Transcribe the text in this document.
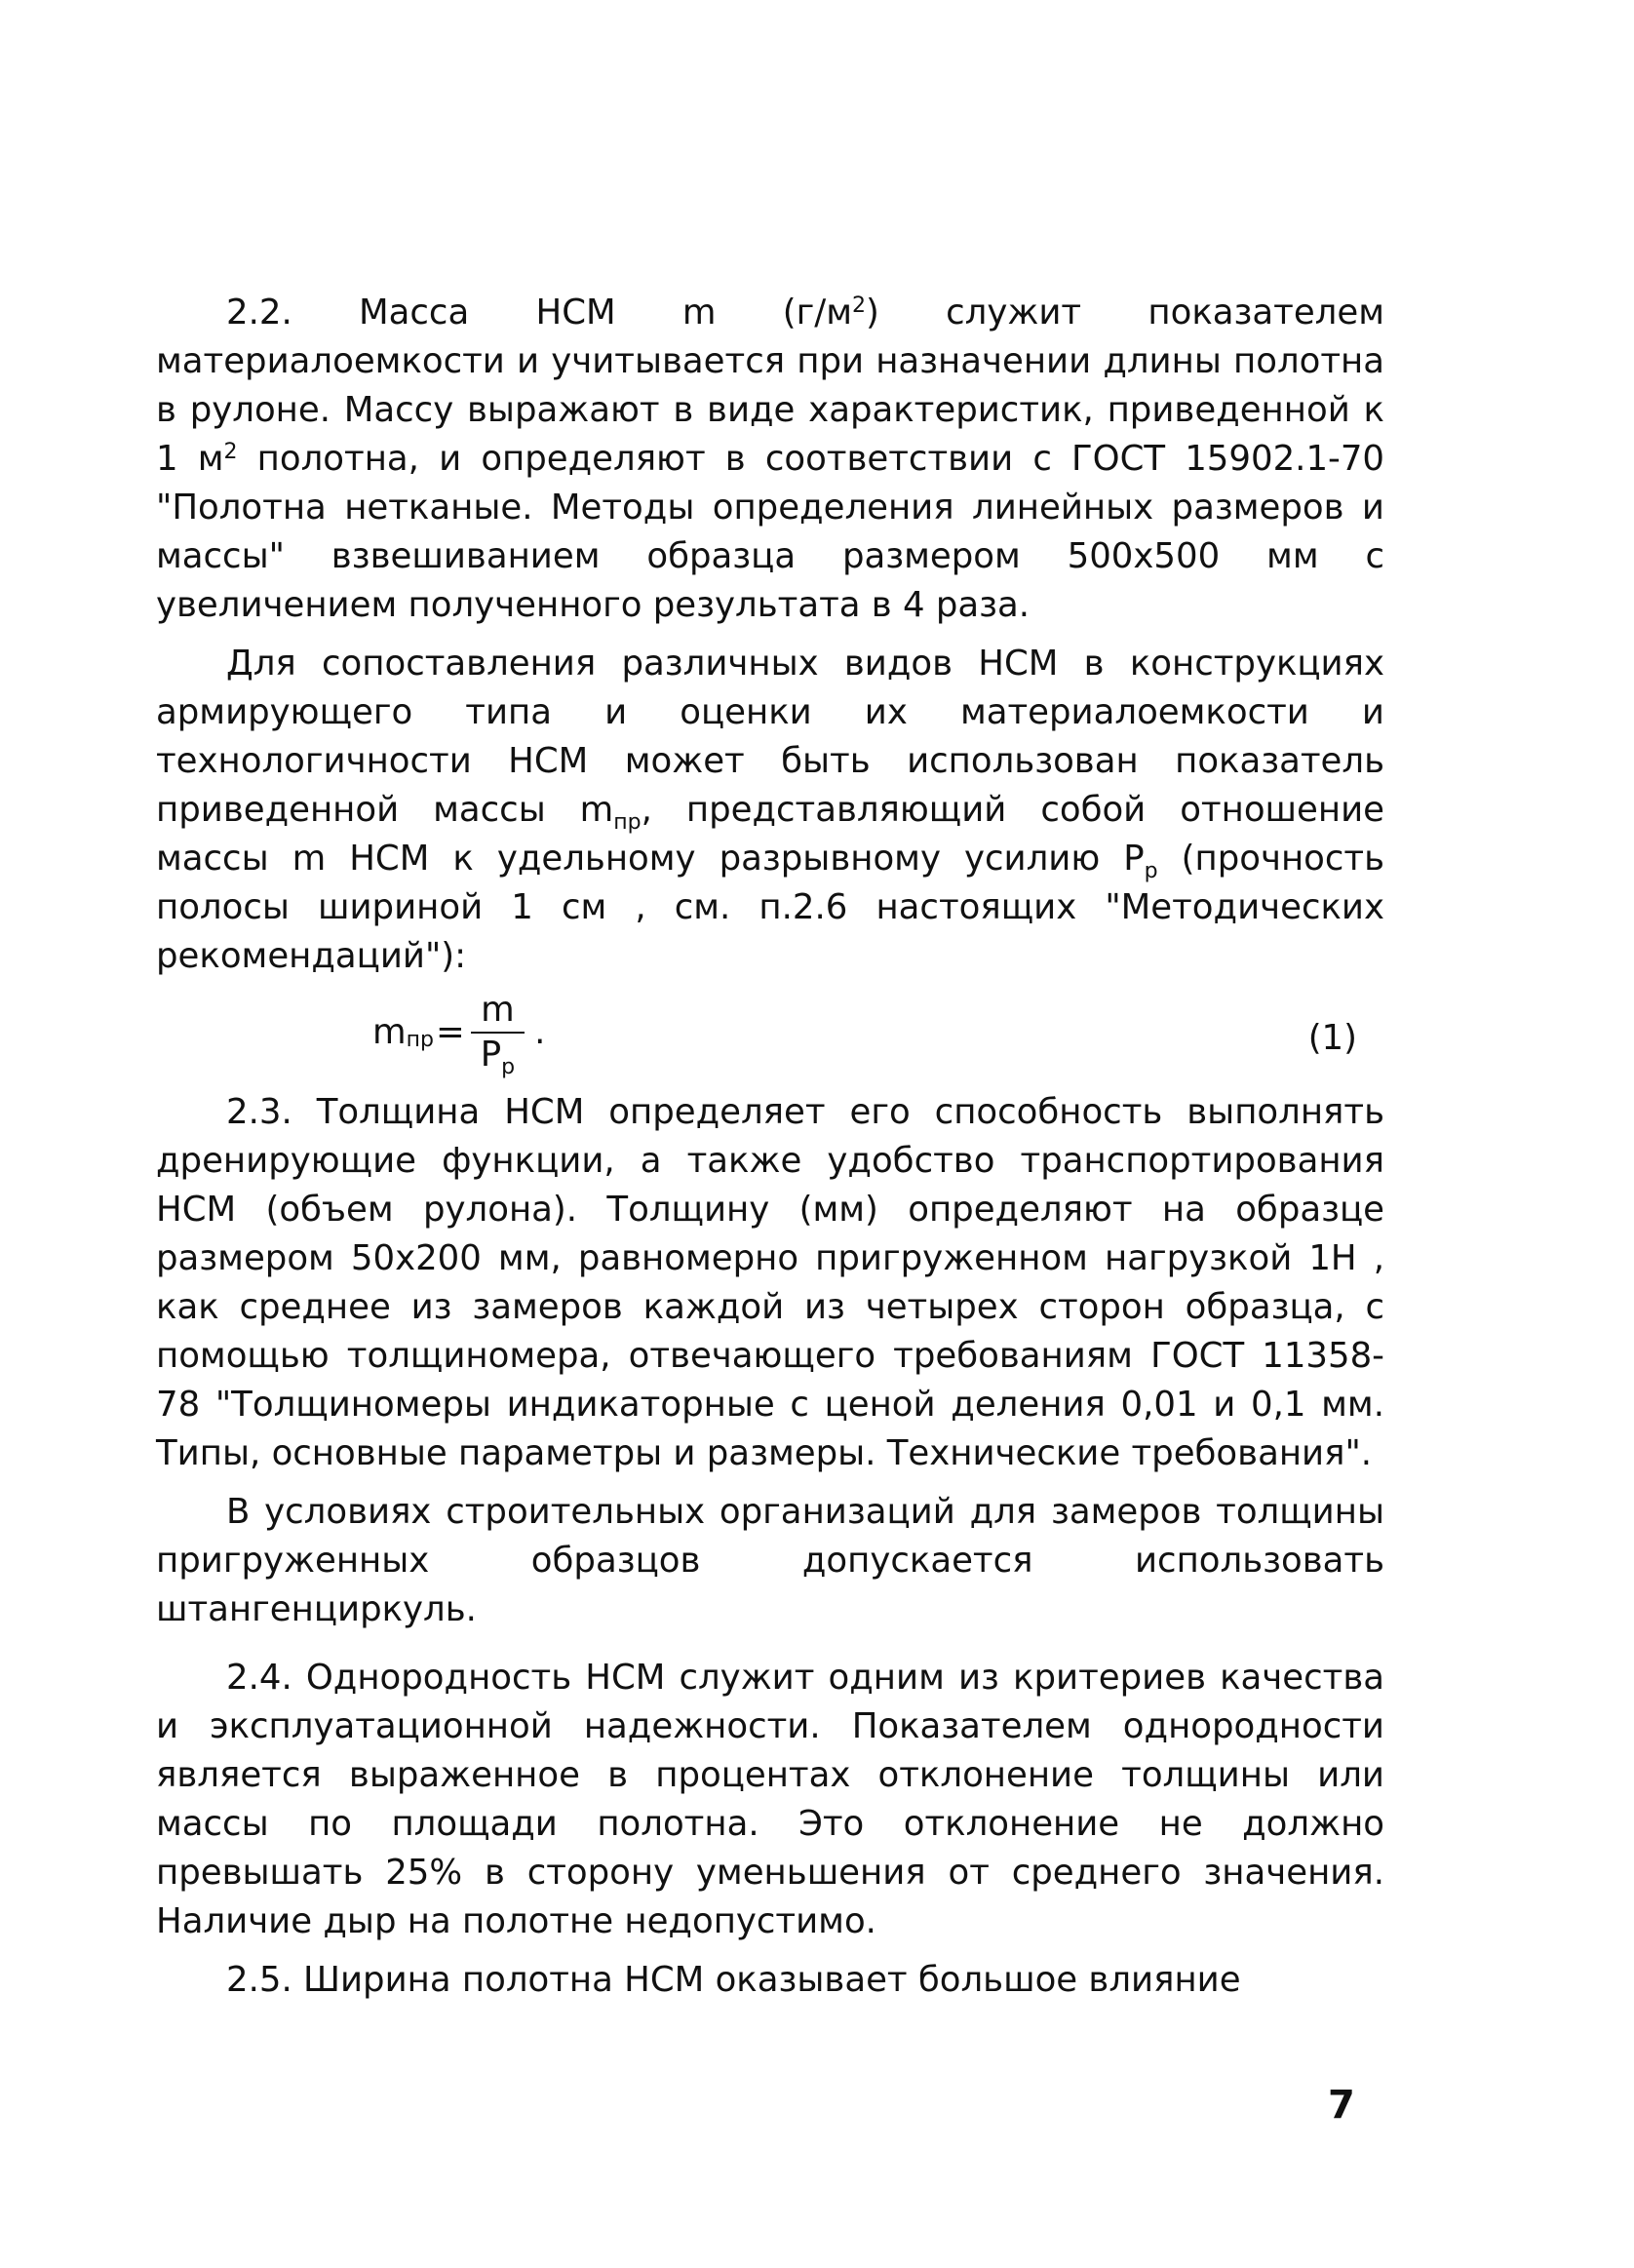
2.2. Масса НСМ m $(г/м^2)$ служит показателем материалоемкости и учитывается при назначении длины полотна в рулоне. Массу выражают в виде характеристик, приведенной к 1 $м^2$ полотна, и определяют в соответствии с ГОСТ 15902.1-70 "Полотна нетканые. Методы определения линейных размеров и массы" взвешиванием образца размером 500х500 мм с увеличением полученного результата в 4 раза.

Для сопоставления различных видов НСМ в конструкциях армирующего типа и оценки их материалоемкости и технологичности НСМ может быть использован показатель приведенной массы $m_{пр}$, представляющий собой отношение массы m НСМ к удельному разрывному усилию $P_р$ (прочность полосы шириной 1 см , см. п.2.6 настоящих "Методических рекомендаций"):

m пр = $\frac{m}{P_р}$ .	(1)

2.3. Толщина НСМ определяет его способность выполнять дренирующие функции, а также удобство транспортирования НСМ (объем рулона). Толщину (мм) определяют на образце размером 50х200 мм, равномерно пригруженном нагрузкой 1Н , как среднее из замеров каждой из четырех сторон образца, с помощью толщиномера, отвечающего требованиям ГОСТ 11358-78 "Толщиномеры индикаторные с ценой деления 0,01 и 0,1 мм. Типы, основные параметры и размеры. Технические требования".

В условиях строительных организаций для замеров толщины пригруженных образцов допускается использовать штангенциркуль.

2.4. Однородность НСМ служит одним из критериев качества и эксплуатационной надежности. Показателем однородности является выраженное в процентах отклонение толщины или массы по площади полотна. Это отклонение не должно превышать 25% в сторону уменьшения от среднего значения. Наличие дыр на полотне недопустимо.

2.5. Ширина полотна НСМ оказывает большое влияние

7
